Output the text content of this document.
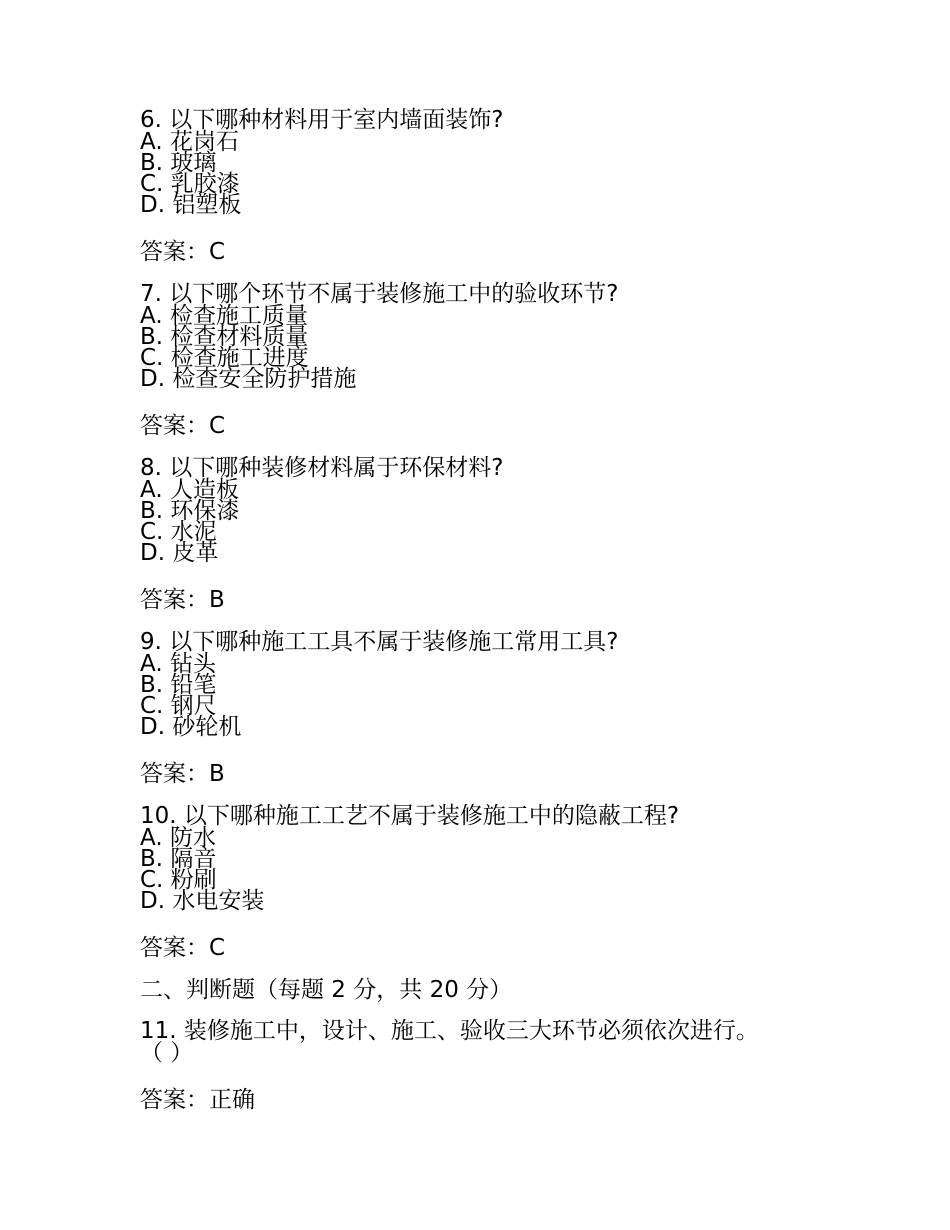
6. 以下哪种材料用于室内墙面装饰?

A. 花岗石

B. 玻璃

C. 乳胶漆

D. 铝塑板

答案：C

7. 以下哪个环节不属于装修施工中的验收环节?

A. 检查施工质量

B. 检查材料质量

C. 检查施工进度

D. 检查安全防护措施

答案：C

8. 以下哪种装修材料属于环保材料?

A. 人造板

B. 环保漆

C. 水泥

D. 皮革

答案：B

9. 以下哪种施工工具不属于装修施工常用工具?

A. 钻头

B. 铅笔

C. 钢尺

D. 砂轮机

答案：B

10. 以下哪种施工工艺不属于装修施工中的隐蔽工程?

A. 防水

B. 隔音

C. 粉刷

D. 水电安装

答案：C

二、判断题（每题 2 分，共 20 分）

11. 装修施工中，设计、施工、验收三大环节必须依次进行。

（ ）

答案：正确
